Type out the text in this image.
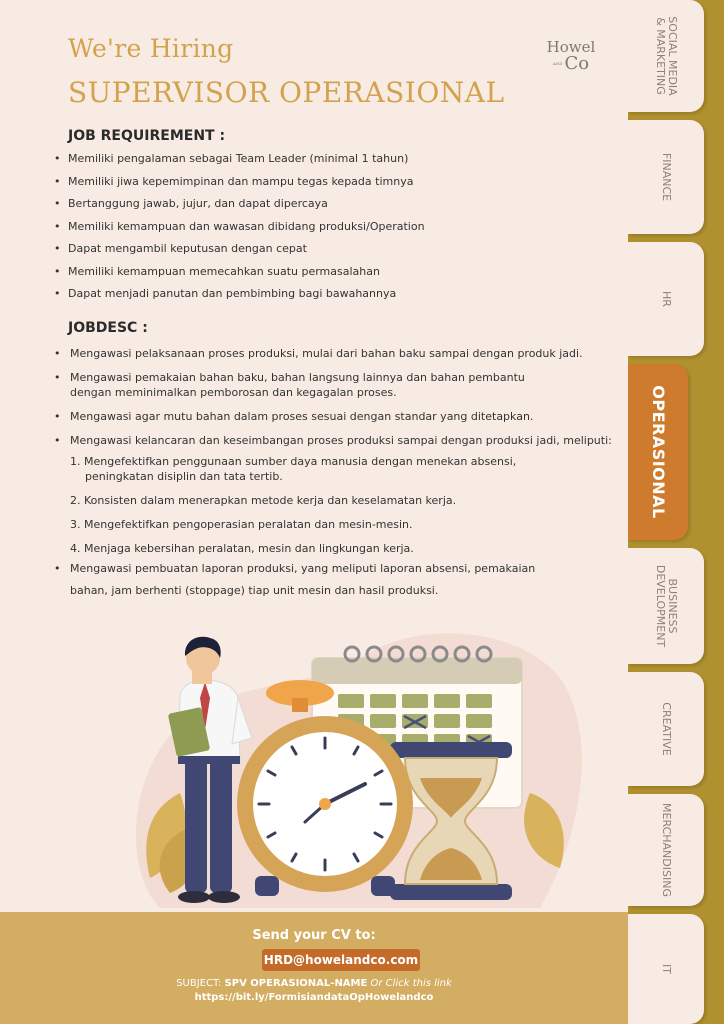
Howel
AND Co
We're Hiring
SUPERVISOR OPERASIONAL
JOB REQUIREMENT :
• Memiliki pengalaman sebagai Team Leader (minimal 1 tahun)
• Memiliki jiwa kepemimpinan dan mampu tegas kepada timnya
• Bertanggung jawab, jujur, dan dapat dipercaya
• Memiliki kemampuan dan wawasan dibidang produksi/Operation
• Dapat mengambil keputusan dengan cepat
• Memiliki kemampuan memecahkan suatu permasalahan
• Dapat menjadi panutan dan pembimbing bagi bawahannya
JOBDESC :
• Mengawasi pelaksanaan proses produksi, mulai dari bahan baku sampai dengan produk jadi.
• Mengawasi pemakaian bahan baku, bahan langsung lainnya dan bahan pembantu dengan meminimalkan pemborosan dan kegagalan proses.
• Mengawasi agar mutu bahan dalam proses sesuai dengan standar yang ditetapkan.
• Mengawasi kelancaran dan keseimbangan proses produksi sampai dengan produksi jadi, meliputi:
1. Mengefektifkan penggunaan sumber daya manusia dengan menekan absensi, peningkatan disiplin dan tata tertib.
2. Konsisten dalam menerapkan metode kerja dan keselamatan kerja.
3. Mengefektifkan pengoperasian peralatan dan mesin-mesin.
4. Menjaga kebersihan peralatan, mesin dan lingkungan kerja.
• Mengawasi pembuatan laporan produksi, yang meliputi laporan absensi, pemakaian bahan, jam berhenti (stoppage) tiap unit mesin dan hasil produksi.
Send your CV to:
HRD@howelandco.com
SUBJECT: SPV OPERASIONAL-NAME Or Click this link
https://bit.ly/FormisiandataOpHowelandco
SOCIAL MEDIA
& MARKETING
FINANCE
HR
OPERASIONAL
BUSINESS
DEVELOPMENT
CREATIVE
MERCHANDISING
IT
